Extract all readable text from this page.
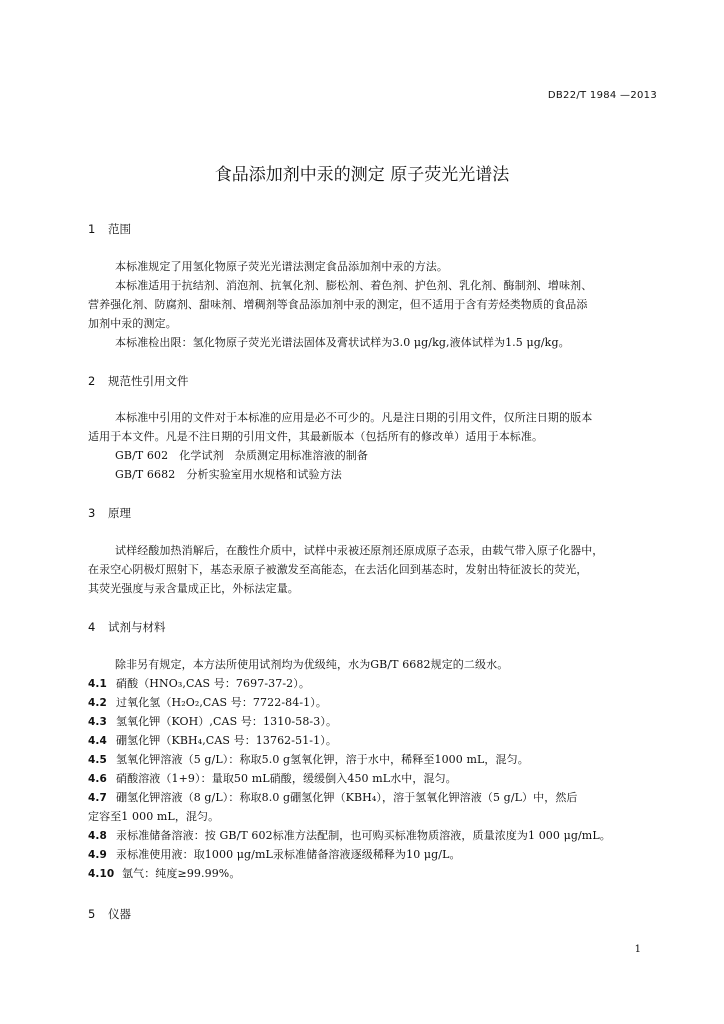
DB22/T 1984 —2013
食品添加剂中汞的测定 原子荧光光谱法
1 范围
本标准规定了用氢化物原子荧光光谱法测定食品添加剂中汞的方法。
本标准适用于抗结剂、消泡剂、抗氧化剂、膨松剂、着色剂、护色剂、乳化剂、酶制剂、增味剂、
营养强化剂、防腐剂、甜味剂、增稠剂等食品添加剂中汞的测定，但不适用于含有芳烃类物质的食品添
加剂中汞的测定。
本标准检出限：氢化物原子荧光光谱法固体及膏状试样为3.0 μg/kg,液体试样为1.5 μg/kg。
2 规范性引用文件
本标准中引用的文件对于本标准的应用是必不可少的。凡是注日期的引用文件，仅所注日期的版本
适用于本文件。凡是不注日期的引用文件，其最新版本（包括所有的修改单）适用于本标准。
GB/T 602　化学试剂　杂质测定用标准溶液的制备
GB/T 6682　分析实验室用水规格和试验方法
3 原理
试样经酸加热消解后，在酸性介质中，试样中汞被还原剂还原成原子态汞，由载气带入原子化器中，
在汞空心阴极灯照射下，基态汞原子被激发至高能态，在去活化回到基态时，发射出特征波长的荧光，
其荧光强度与汞含量成正比，外标法定量。
4 试剂与材料
除非另有规定，本方法所使用试剂均为优级纯，水为GB/T 6682规定的二级水。
4.1 硝酸（HNO₃,CAS 号：7697-37-2）。
4.2 过氧化氢（H₂O₂,CAS 号：7722-84-1）。
4.3 氢氧化钾（KOH）,CAS 号：1310-58-3）。
4.4 硼氢化钾（KBH₄,CAS 号：13762-51-1）。
4.5 氢氧化钾溶液（5 g/L）：称取5.0 g氢氧化钾，溶于水中，稀释至1000 mL，混匀。
4.6 硝酸溶液（1+9）：量取50 mL硝酸，缓缓倒入450 mL水中，混匀。
4.7 硼氢化钾溶液（8 g/L）：称取8.0 g硼氢化钾（KBH₄），溶于氢氧化钾溶液（5 g/L）中，然后
定容至1 000 mL，混匀。
4.8 汞标准储备溶液：按 GB/T 602标准方法配制，也可购买标准物质溶液，质量浓度为1 000 μg/mL。
4.9 汞标准使用液：取1000 μg/mL汞标准储备溶液逐级稀释为10 μg/L。
4.10 氩气：纯度≥99.99%。
5 仪器
1
